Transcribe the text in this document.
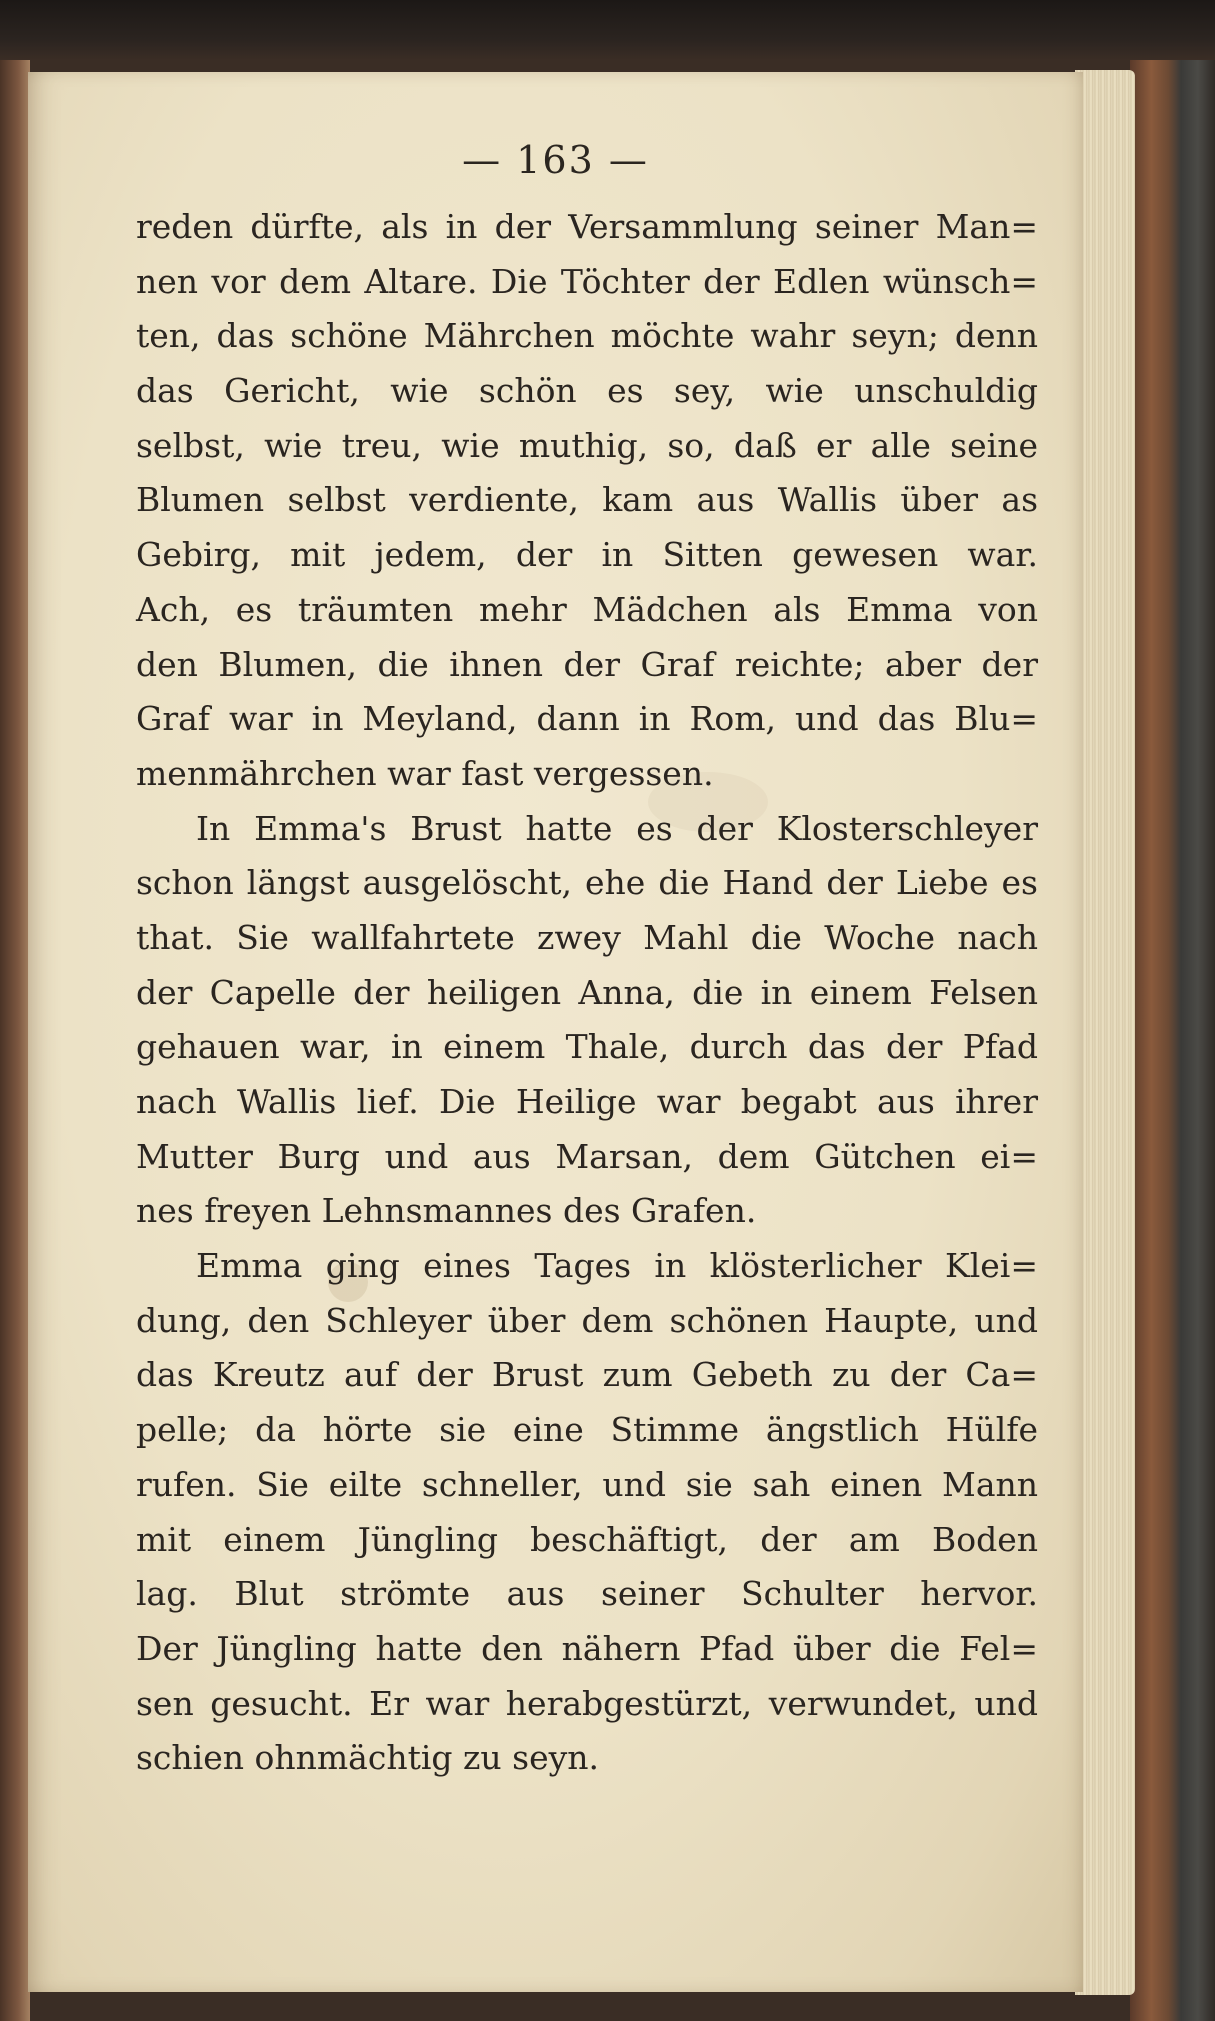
— 163 —
reden dürfte, als in der Versammlung seiner Man=
nen vor dem Altare. Die Töchter der Edlen wünsch=
ten, das schöne Mährchen möchte wahr seyn; denn
das Gericht, wie schön es sey, wie unschuldig
selbst, wie treu, wie muthig, so, daß er alle seine
Blumen selbst verdiente, kam aus Wallis über as
Gebirg, mit jedem, der in Sitten gewesen war.
Ach, es träumten mehr Mädchen als Emma von
den Blumen, die ihnen der Graf reichte; aber der
Graf war in Meyland, dann in Rom, und das Blu=
menmährchen war fast vergessen.
In Emma's Brust hatte es der Klosterschleyer
schon längst ausgelöscht, ehe die Hand der Liebe es
that. Sie wallfahrtete zwey Mahl die Woche nach
der Capelle der heiligen Anna, die in einem Felsen
gehauen war, in einem Thale, durch das der Pfad
nach Wallis lief. Die Heilige war begabt aus ihrer
Mutter Burg und aus Marsan, dem Gütchen ei=
nes freyen Lehnsmannes des Grafen.
Emma ging eines Tages in klösterlicher Klei=
dung, den Schleyer über dem schönen Haupte, und
das Kreutz auf der Brust zum Gebeth zu der Ca=
pelle; da hörte sie eine Stimme ängstlich Hülfe
rufen. Sie eilte schneller, und sie sah einen Mann
mit einem Jüngling beschäftigt, der am Boden
lag. Blut strömte aus seiner Schulter hervor.
Der Jüngling hatte den nähern Pfad über die Fel=
sen gesucht. Er war herabgestürzt, verwundet, und
schien ohnmächtig zu seyn.
